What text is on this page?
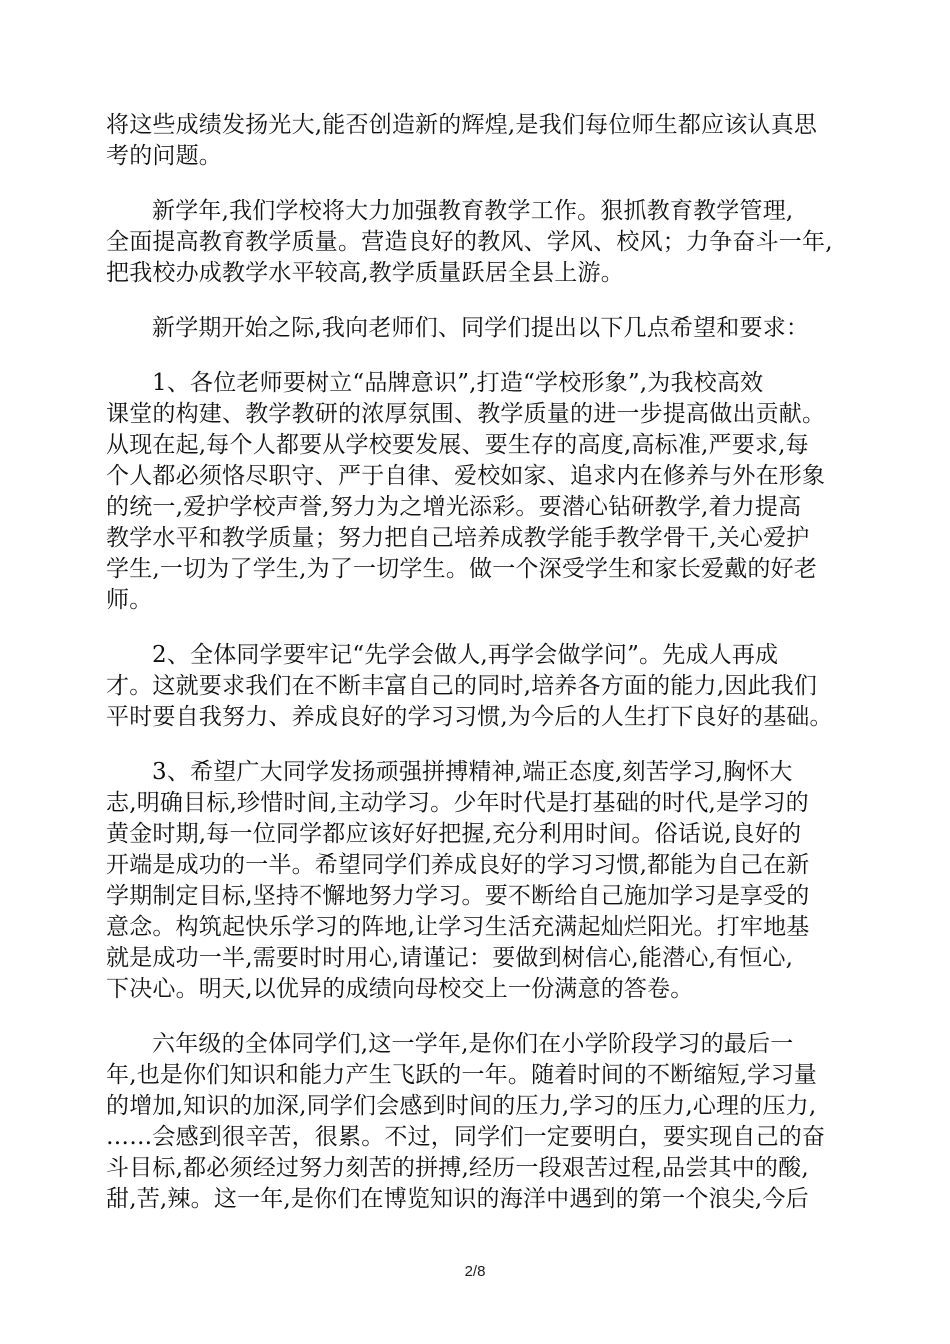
将这些成绩发扬光大,能否创造新的辉煌,是我们每位师生都应该认真思
考的问题。
新学年,我们学校将大力加强教育教学工作。狠抓教育教学管理,
全面提高教育教学质量。营造良好的教风、学风、校风；力争奋斗一年,
把我校办成教学水平较高,教学质量跃居全县上游。
新学期开始之际,我向老师们、同学们提出以下几点希望和要求：
1、各位老师要树立“品牌意识”,打造“学校形象”,为我校高效
课堂的构建、教学教研的浓厚氛围、教学质量的进一步提高做出贡献。
从现在起,每个人都要从学校要发展、要生存的高度,高标准,严要求,每
个人都必须恪尽职守、严于自律、爱校如家、追求内在修养与外在形象
的统一,爱护学校声誉,努力为之增光添彩。要潜心钻研教学,着力提高
教学水平和教学质量；努力把自己培养成教学能手教学骨干,关心爱护
学生,一切为了学生,为了一切学生。做一个深受学生和家长爱戴的好老
师。
2、全体同学要牢记“先学会做人,再学会做学问”。先成人再成
才。这就要求我们在不断丰富自己的同时,培养各方面的能力,因此我们
平时要自我努力、养成良好的学习习惯,为今后的人生打下良好的基础。
3、希望广大同学发扬顽强拼搏精神,端正态度,刻苦学习,胸怀大
志,明确目标,珍惜时间,主动学习。少年时代是打基础的时代,是学习的
黄金时期,每一位同学都应该好好把握,充分利用时间。俗话说,良好的
开端是成功的一半。希望同学们养成良好的学习习惯,都能为自己在新
学期制定目标,坚持不懈地努力学习。要不断给自己施加学习是享受的
意念。构筑起快乐学习的阵地,让学习生活充满起灿烂阳光。打牢地基
就是成功一半,需要时时用心,请谨记：要做到树信心,能潜心,有恒心,
下决心。明天,以优异的成绩向母校交上一份满意的答卷。
六年级的全体同学们,这一学年,是你们在小学阶段学习的最后一
年,也是你们知识和能力产生飞跃的一年。随着时间的不断缩短,学习量
的增加,知识的加深,同学们会感到时间的压力,学习的压力,心理的压力,
……会感到很辛苦，很累。不过，同学们一定要明白，要实现自己的奋
斗目标,都必须经过努力刻苦的拼搏,经历一段艰苦过程,品尝其中的酸,
甜,苦,辣。这一年,是你们在博览知识的海洋中遇到的第一个浪尖,今后
2/8
